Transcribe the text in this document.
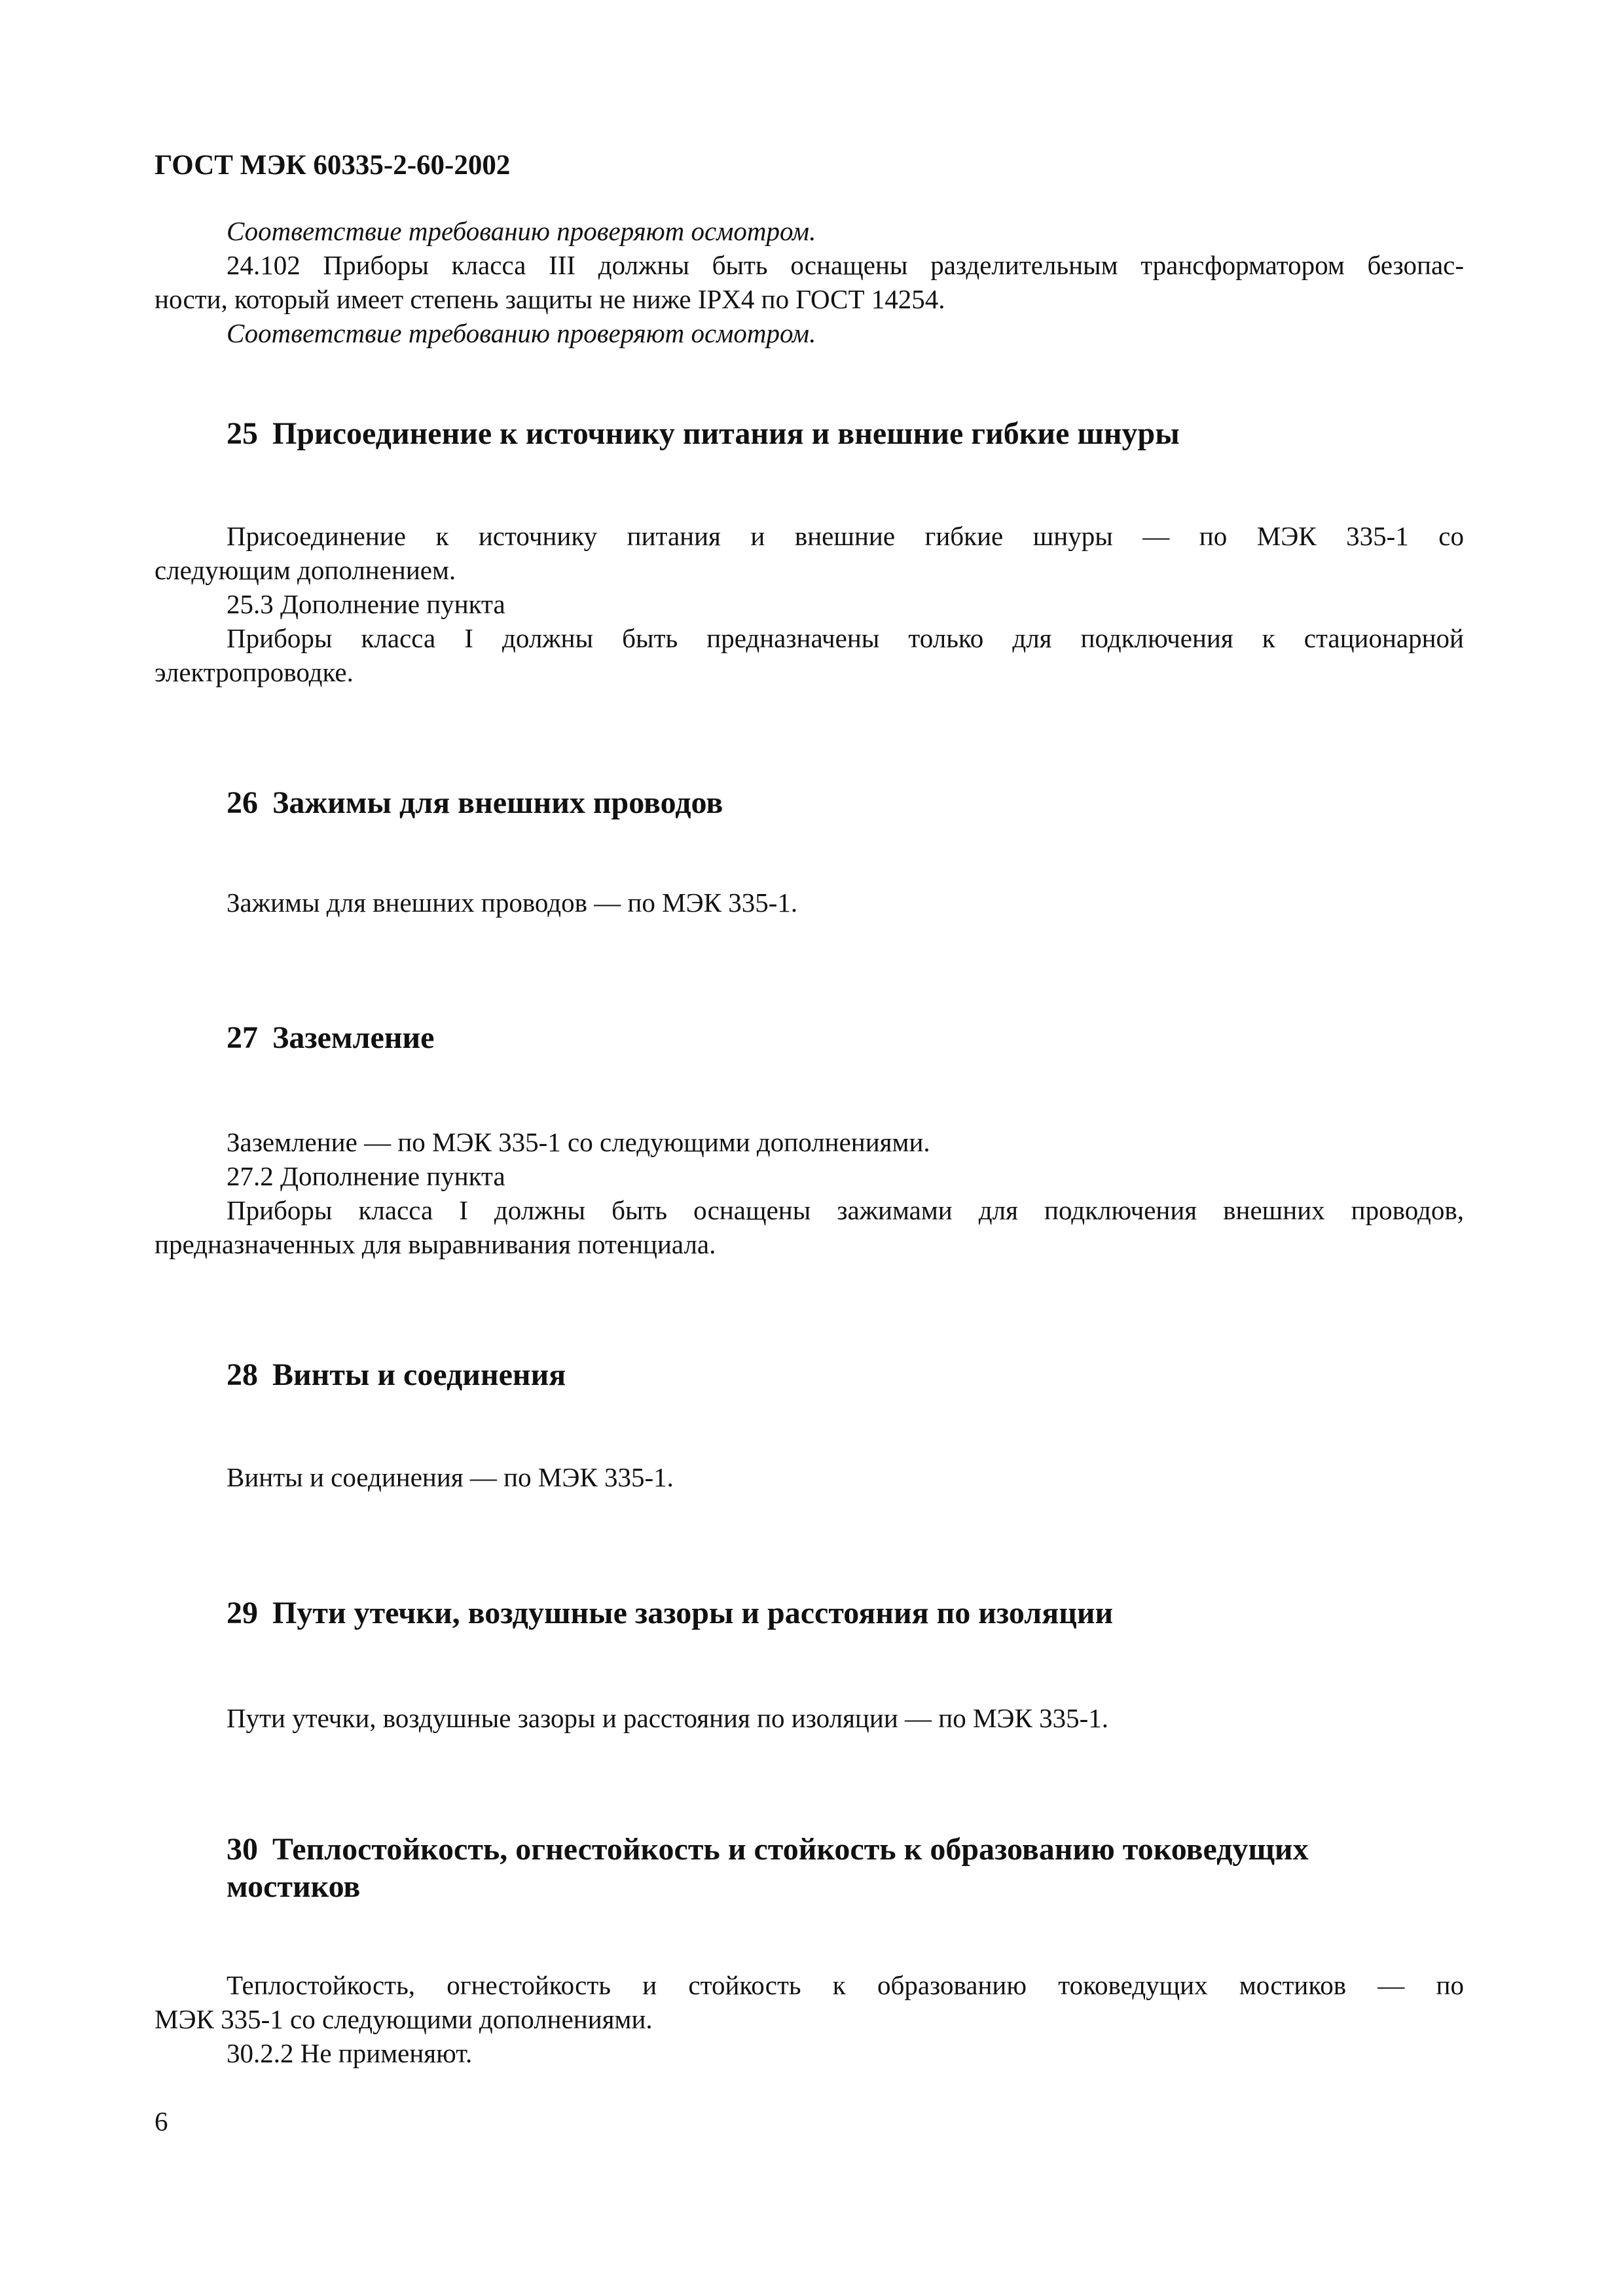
ГОСТ МЭК 60335-2-60-2002

Соответствие требованию проверяют осмотром.

24.102 Приборы класса III должны быть оснащены разделительным трансформатором безопас-

ности, который имеет степень защиты не ниже IPX4 по ГОСТ 14254.

Соответствие требованию проверяют осмотром.

25 Присоединение к источнику питания и внешние гибкие шнуры

Присоединение к источнику питания и внешние гибкие шнуры — по МЭК 335-1 со

следующим дополнением.

25.3 Дополнение пункта

Приборы класса I должны быть предназначены только для подключения к стационарной

электропроводке.

26 Зажимы для внешних проводов

Зажимы для внешних проводов — по МЭК 335-1.

27 Заземление

Заземление — по МЭК 335-1 со следующими дополнениями.

27.2 Дополнение пункта

Приборы класса I должны быть оснащены зажимами для подключения внешних проводов,

предназначенных для выравнивания потенциала.

28 Винты и соединения

Винты и соединения — по МЭК 335-1.

29 Пути утечки, воздушные зазоры и расстояния по изоляции

Пути утечки, воздушные зазоры и расстояния по изоляции — по МЭК 335-1.

30 Теплостойкость, огнестойкость и стойкость к образованию токоведущих
мостиков

Теплостойкость, огнестойкость и стойкость к образованию токоведущих мостиков — по

МЭК 335-1 со следующими дополнениями.

30.2.2 Не применяют.

6
